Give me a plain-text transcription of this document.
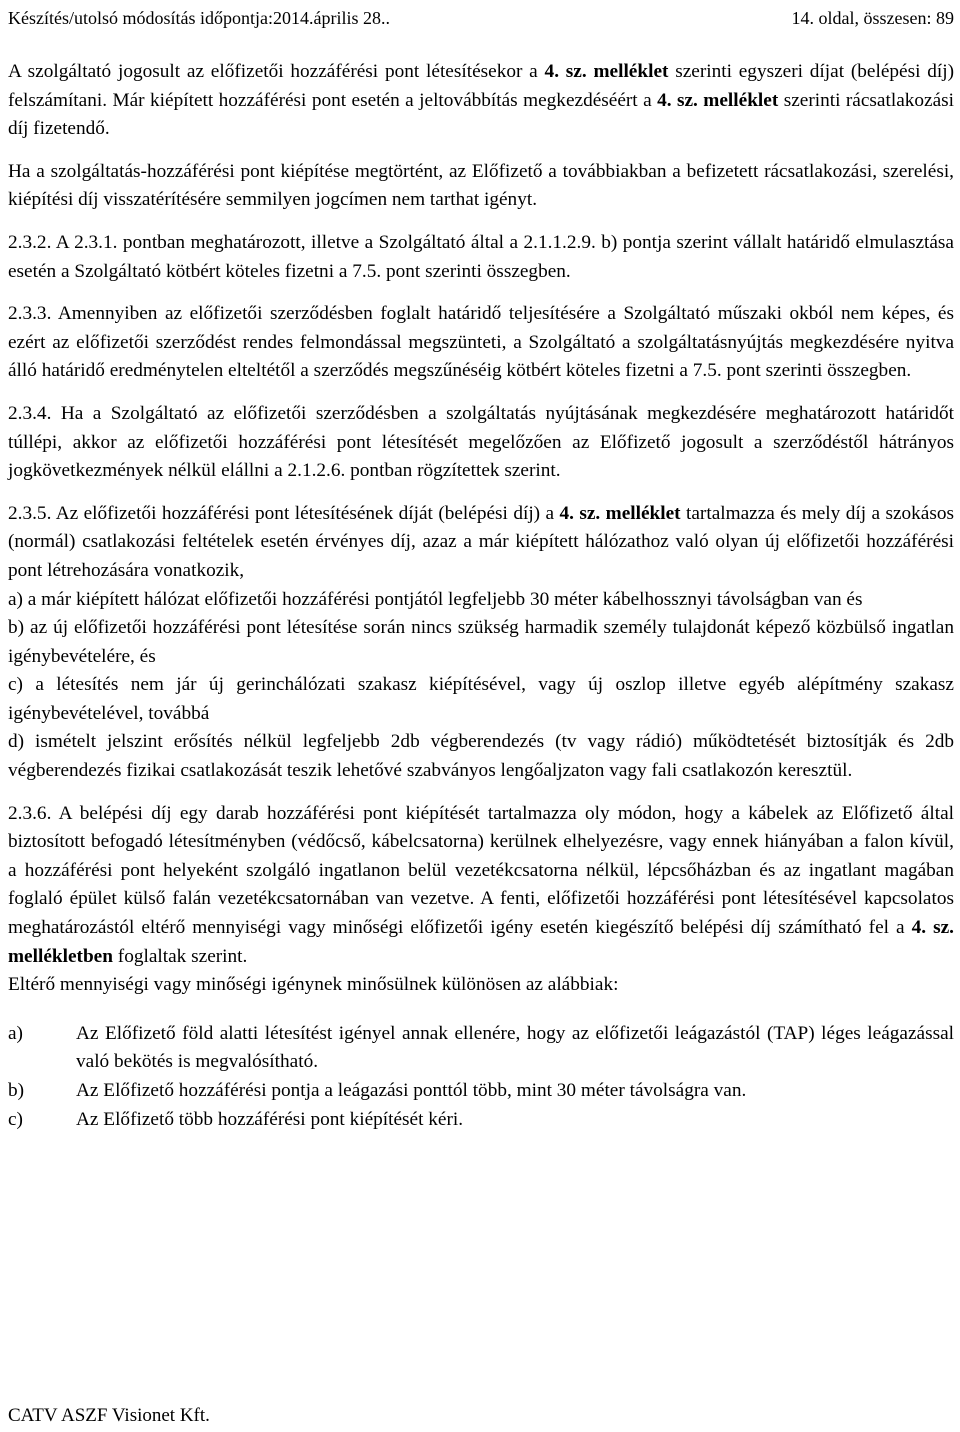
Készítés/utolsó módosítás időpontja:2014.április 28..	14. oldal, összesen: 89

A szolgáltató jogosult az előfizetői hozzáférési pont létesítésekor a 4. sz. melléklet szerinti egyszeri díjat (belépési díj) felszámítani. Már kiépített hozzáférési pont esetén a jeltovábbítás megkezdéséért a 4. sz. melléklet szerinti rácsatlakozási díj fizetendő.

Ha a szolgáltatás-hozzáférési pont kiépítése megtörtént, az Előfizető a továbbiakban a befizetett rácsatlakozási, szerelési, kiépítési díj visszatérítésére semmilyen jogcímen nem tarthat igényt.

2.3.2. A 2.3.1. pontban meghatározott, illetve a Szolgáltató által a 2.1.1.2.9. b) pontja szerint vállalt határidő elmulasztása esetén a Szolgáltató kötbért köteles fizetni a 7.5. pont szerinti összegben.

2.3.3. Amennyiben az előfizetői szerződésben foglalt határidő teljesítésére a Szolgáltató műszaki okból nem képes, és ezért az előfizetői szerződést rendes felmondással megszünteti, a Szolgáltató a szolgáltatásnyújtás megkezdésére nyitva álló határidő eredménytelen elteltétől a szerződés megszűnéséig kötbért köteles fizetni a 7.5. pont szerinti összegben.

2.3.4. Ha a Szolgáltató az előfizetői szerződésben a szolgáltatás nyújtásának megkezdésére meghatározott határidőt túllépi, akkor az előfizetői hozzáférési pont létesítését megelőzően az Előfizető jogosult a szerződéstől hátrányos jogkövetkezmények nélkül elállni a 2.1.2.6. pontban rögzítettek szerint.

2.3.5. Az előfizetői hozzáférési pont létesítésének díját (belépési díj) a 4. sz. melléklet tartalmazza és mely díj a szokásos (normál) csatlakozási feltételek esetén érvényes díj, azaz a már kiépített hálózathoz való olyan új előfizetői hozzáférési pont létrehozására vonatkozik,
a) a már kiépített hálózat előfizetői hozzáférési pontjától legfeljebb 30 méter kábelhossznyi távolságban van és
b) az új előfizetői hozzáférési pont létesítése során nincs szükség harmadik személy tulajdonát képező közbülső ingatlan igénybevételére, és
c) a létesítés nem jár új gerinchálózati szakasz kiépítésével, vagy új oszlop illetve egyéb alépítmény szakasz igénybevételével, továbbá
d) ismételt jelszint erősítés nélkül legfeljebb 2db végberendezés (tv vagy rádió) működtetését biztosítják és 2db végberendezés fizikai csatlakozását teszik lehetővé szabványos lengőaljzaton vagy fali csatlakozón keresztül.

2.3.6. A belépési díj egy darab hozzáférési pont kiépítését tartalmazza oly módon, hogy a kábelek az Előfizető által biztosított befogadó létesítményben (védőcső, kábelcsatorna) kerülnek elhelyezésre, vagy ennek hiányában a falon kívül, a hozzáférési pont helyeként szolgáló ingatlanon belül vezetékcsatorna nélkül, lépcsőházban és az ingatlant magában foglaló épület külső falán vezetékcsatornában van vezetve. A fenti, előfizetői hozzáférési pont létesítésével kapcsolatos meghatározástól eltérő mennyiségi vagy minőségi előfizetői igény esetén kiegészítő belépési díj számítható fel a 4. sz. mellékletben foglaltak szerint.

Eltérő mennyiségi vagy minőségi igénynek minősülnek különösen az alábbiak:

a)	Az Előfizető föld alatti létesítést igényel annak ellenére, hogy az előfizetői leágazástól (TAP) léges leágazással való bekötés is megvalósítható.
b)	Az Előfizető hozzáférési pontja a leágazási ponttól több, mint 30 méter távolságra van.
c)	Az Előfizető több hozzáférési pont kiépítését kéri.
CATV ASZF Visionet Kft.
